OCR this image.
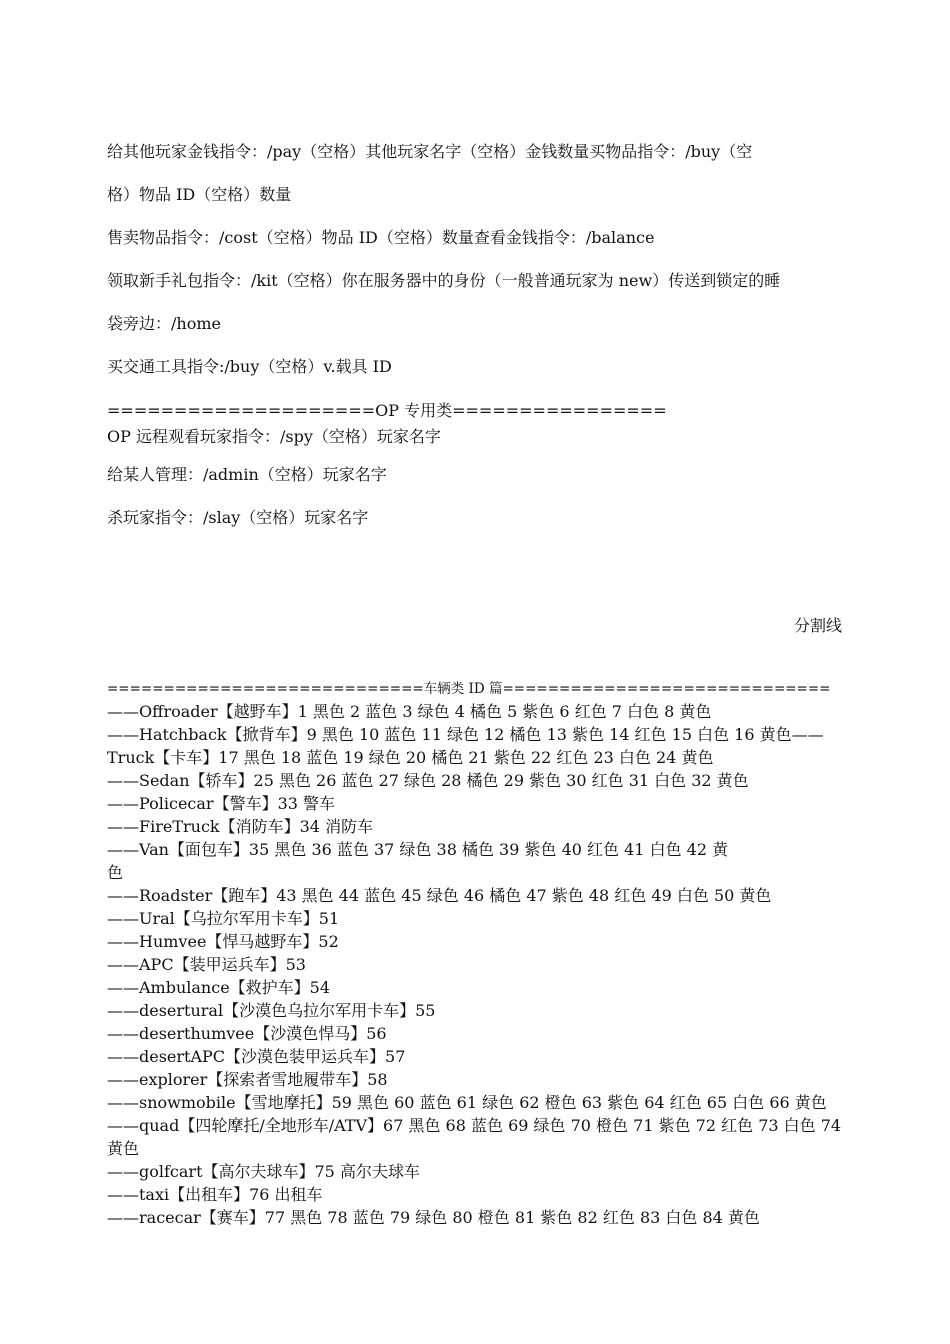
给其他玩家金钱指令：/pay（空格）其他玩家名字（空格）金钱数量买物品指令：/buy（空
格）物品 ID（空格）数量
售卖物品指令：/cost（空格）物品 ID（空格）数量查看金钱指令：/balance
领取新手礼包指令：/kit（空格）你在服务器中的身份（一般普通玩家为 new）传送到锁定的睡
袋旁边：/home
买交通工具指令:/buy（空格）v.载具 ID
====================OP 专用类================
OP 远程观看玩家指令：/spy（空格）玩家名字
给某人管理：/admin（空格）玩家名字
杀玩家指令：/slay（空格）玩家名字
分割线
============================车辆类 ID 篇=============================
——Offroader【越野车】1 黑色 2 蓝色 3 绿色 4 橘色 5 紫色 6 红色 7 白色 8 黄色
——Hatchback【掀背车】9 黑色 10 蓝色 11 绿色 12 橘色 13 紫色 14 红色 15 白色 16 黄色——
Truck【卡车】17 黑色 18 蓝色 19 绿色 20 橘色 21 紫色 22 红色 23 白色 24 黄色
——Sedan【轿车】25 黑色 26 蓝色 27 绿色 28 橘色 29 紫色 30 红色 31 白色 32 黄色
——Policecar【警车】33 警车
——FireTruck【消防车】34 消防车
——Van【面包车】35 黑色 36 蓝色 37 绿色 38 橘色 39 紫色 40 红色 41 白色 42 黄
色
——Roadster【跑车】43 黑色 44 蓝色 45 绿色 46 橘色 47 紫色 48 红色 49 白色 50 黄色
——Ural【乌拉尔军用卡车】51
——Humvee【悍马越野车】52
——APC【装甲运兵车】53
——Ambulance【救护车】54
——desertural【沙漠色乌拉尔军用卡车】55
——deserthumvee【沙漠色悍马】56
——desertAPC【沙漠色装甲运兵车】57
——explorer【探索者雪地履带车】58
——snowmobile【雪地摩托】59 黑色 60 蓝色 61 绿色 62 橙色 63 紫色 64 红色 65 白色 66 黄色
——quad【四轮摩托/全地形车/ATV】67 黑色 68 蓝色 69 绿色 70 橙色 71 紫色 72 红色 73 白色 74
黄色
——golfcart【高尔夫球车】75 高尔夫球车
——taxi【出租车】76 出租车
——racecar【赛车】77 黑色 78 蓝色 79 绿色 80 橙色 81 紫色 82 红色 83 白色 84 黄色
